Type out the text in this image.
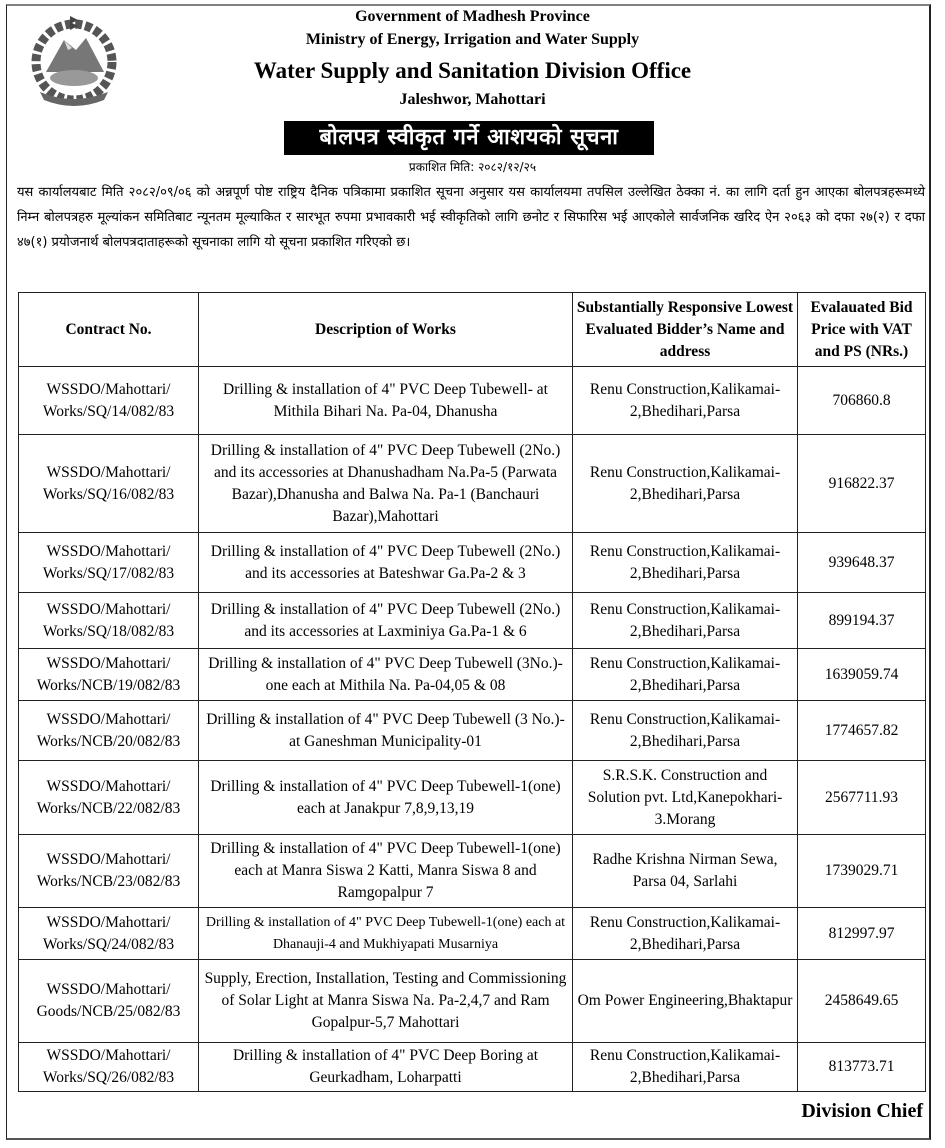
Government of Madhesh Province
Ministry of Energy, Irrigation and Water Supply
Water Supply and Sanitation Division Office
Jaleshwor, Mahottari
बोलपत्र स्वीकृत गर्ने आशयको सूचना
प्रकाशित मिति: २०८२/१२/२५
यस कार्यालयबाट मिति २०८२/०९/०६ को अन्नपूर्ण पोष्ट राष्ट्रिय दैनिक पत्रिकामा प्रकाशित सूचना अनुसार यस कार्यालयमा तपसिल उल्लेखित ठेक्का नं. का लागि दर्ता हुन आएका बोलपत्रहरूमध्ये निम्न बोलपत्रहरु मूल्यांकन समितिबाट न्यूनतम मूल्याकित र सारभूत रुपमा प्रभावकारी भई स्वीकृतिको लागि छनोट र सिफारिस भई आएकोले सार्वजनिक खरिद ऐन २०६३ को दफा २७(२) र दफा ४७(१) प्रयोजनार्थ बोलपत्रदाताहरूको सूचनाका लागि यो सूचना प्रकाशित गरिएको छ।
Contract No.	Description of Works	Substantially Responsive Lowest Evaluated Bidder’s Name and address	Evalauated Bid Price with VAT and PS (NRs.)
WSSDO/Mahottari/ Works/SQ/14/082/83	Drilling & installation of 4" PVC Deep Tubewell- at Mithila Bihari Na. Pa-04, Dhanusha	Renu Construction,Kalikamai-2,Bhedihari,Parsa	706860.8
WSSDO/Mahottari/ Works/SQ/16/082/83	Drilling & installation of 4" PVC Deep Tubewell (2No.) and its accessories at Dhanushadham Na.Pa-5 (Parwata Bazar),Dhanusha and Balwa Na. Pa-1 (Banchauri Bazar),Mahottari	Renu Construction,Kalikamai-2,Bhedihari,Parsa	916822.37
WSSDO/Mahottari/ Works/SQ/17/082/83	Drilling & installation of 4" PVC Deep Tubewell (2No.) and its accessories at Bateshwar Ga.Pa-2 & 3	Renu Construction,Kalikamai-2,Bhedihari,Parsa	939648.37
WSSDO/Mahottari/ Works/SQ/18/082/83	Drilling & installation of 4" PVC Deep Tubewell (2No.) and its accessories at Laxminiya Ga.Pa-1 & 6	Renu Construction,Kalikamai-2,Bhedihari,Parsa	899194.37
WSSDO/Mahottari/ Works/NCB/19/082/83	Drilling & installation of 4" PVC Deep Tubewell (3No.)-one each at Mithila Na. Pa-04,05 & 08	Renu Construction,Kalikamai-2,Bhedihari,Parsa	1639059.74
WSSDO/Mahottari/ Works/NCB/20/082/83	Drilling & installation of 4" PVC Deep Tubewell (3 No.)- at Ganeshman Municipality-01	Renu Construction,Kalikamai-2,Bhedihari,Parsa	1774657.82
WSSDO/Mahottari/ Works/NCB/22/082/83	Drilling & installation of 4" PVC Deep Tubewell-1(one) each at Janakpur 7,8,9,13,19	S.R.S.K. Construction and Solution pvt. Ltd,Kanepokhari-3.Morang	2567711.93
WSSDO/Mahottari/ Works/NCB/23/082/83	Drilling & installation of 4" PVC Deep Tubewell-1(one) each at Manra Siswa 2 Katti, Manra Siswa 8 and Ramgopalpur 7	Radhe Krishna Nirman Sewa, Parsa 04, Sarlahi	1739029.71
WSSDO/Mahottari/ Works/SQ/24/082/83	Drilling & installation of 4" PVC Deep Tubewell-1(one) each at Dhanauji-4 and Mukhiyapati Musarniya	Renu Construction,Kalikamai-2,Bhedihari,Parsa	812997.97
WSSDO/Mahottari/ Goods/NCB/25/082/83	Supply, Erection, Installation, Testing and Commissioning of Solar Light at Manra Siswa Na. Pa-2,4,7 and Ram Gopalpur-5,7 Mahottari	Om Power Engineering,Bhaktapur	2458649.65
WSSDO/Mahottari/ Works/SQ/26/082/83	Drilling & installation of 4" PVC Deep Boring at Geurkadham, Loharpatti	Renu Construction,Kalikamai-2,Bhedihari,Parsa	813773.71
Division Chief
